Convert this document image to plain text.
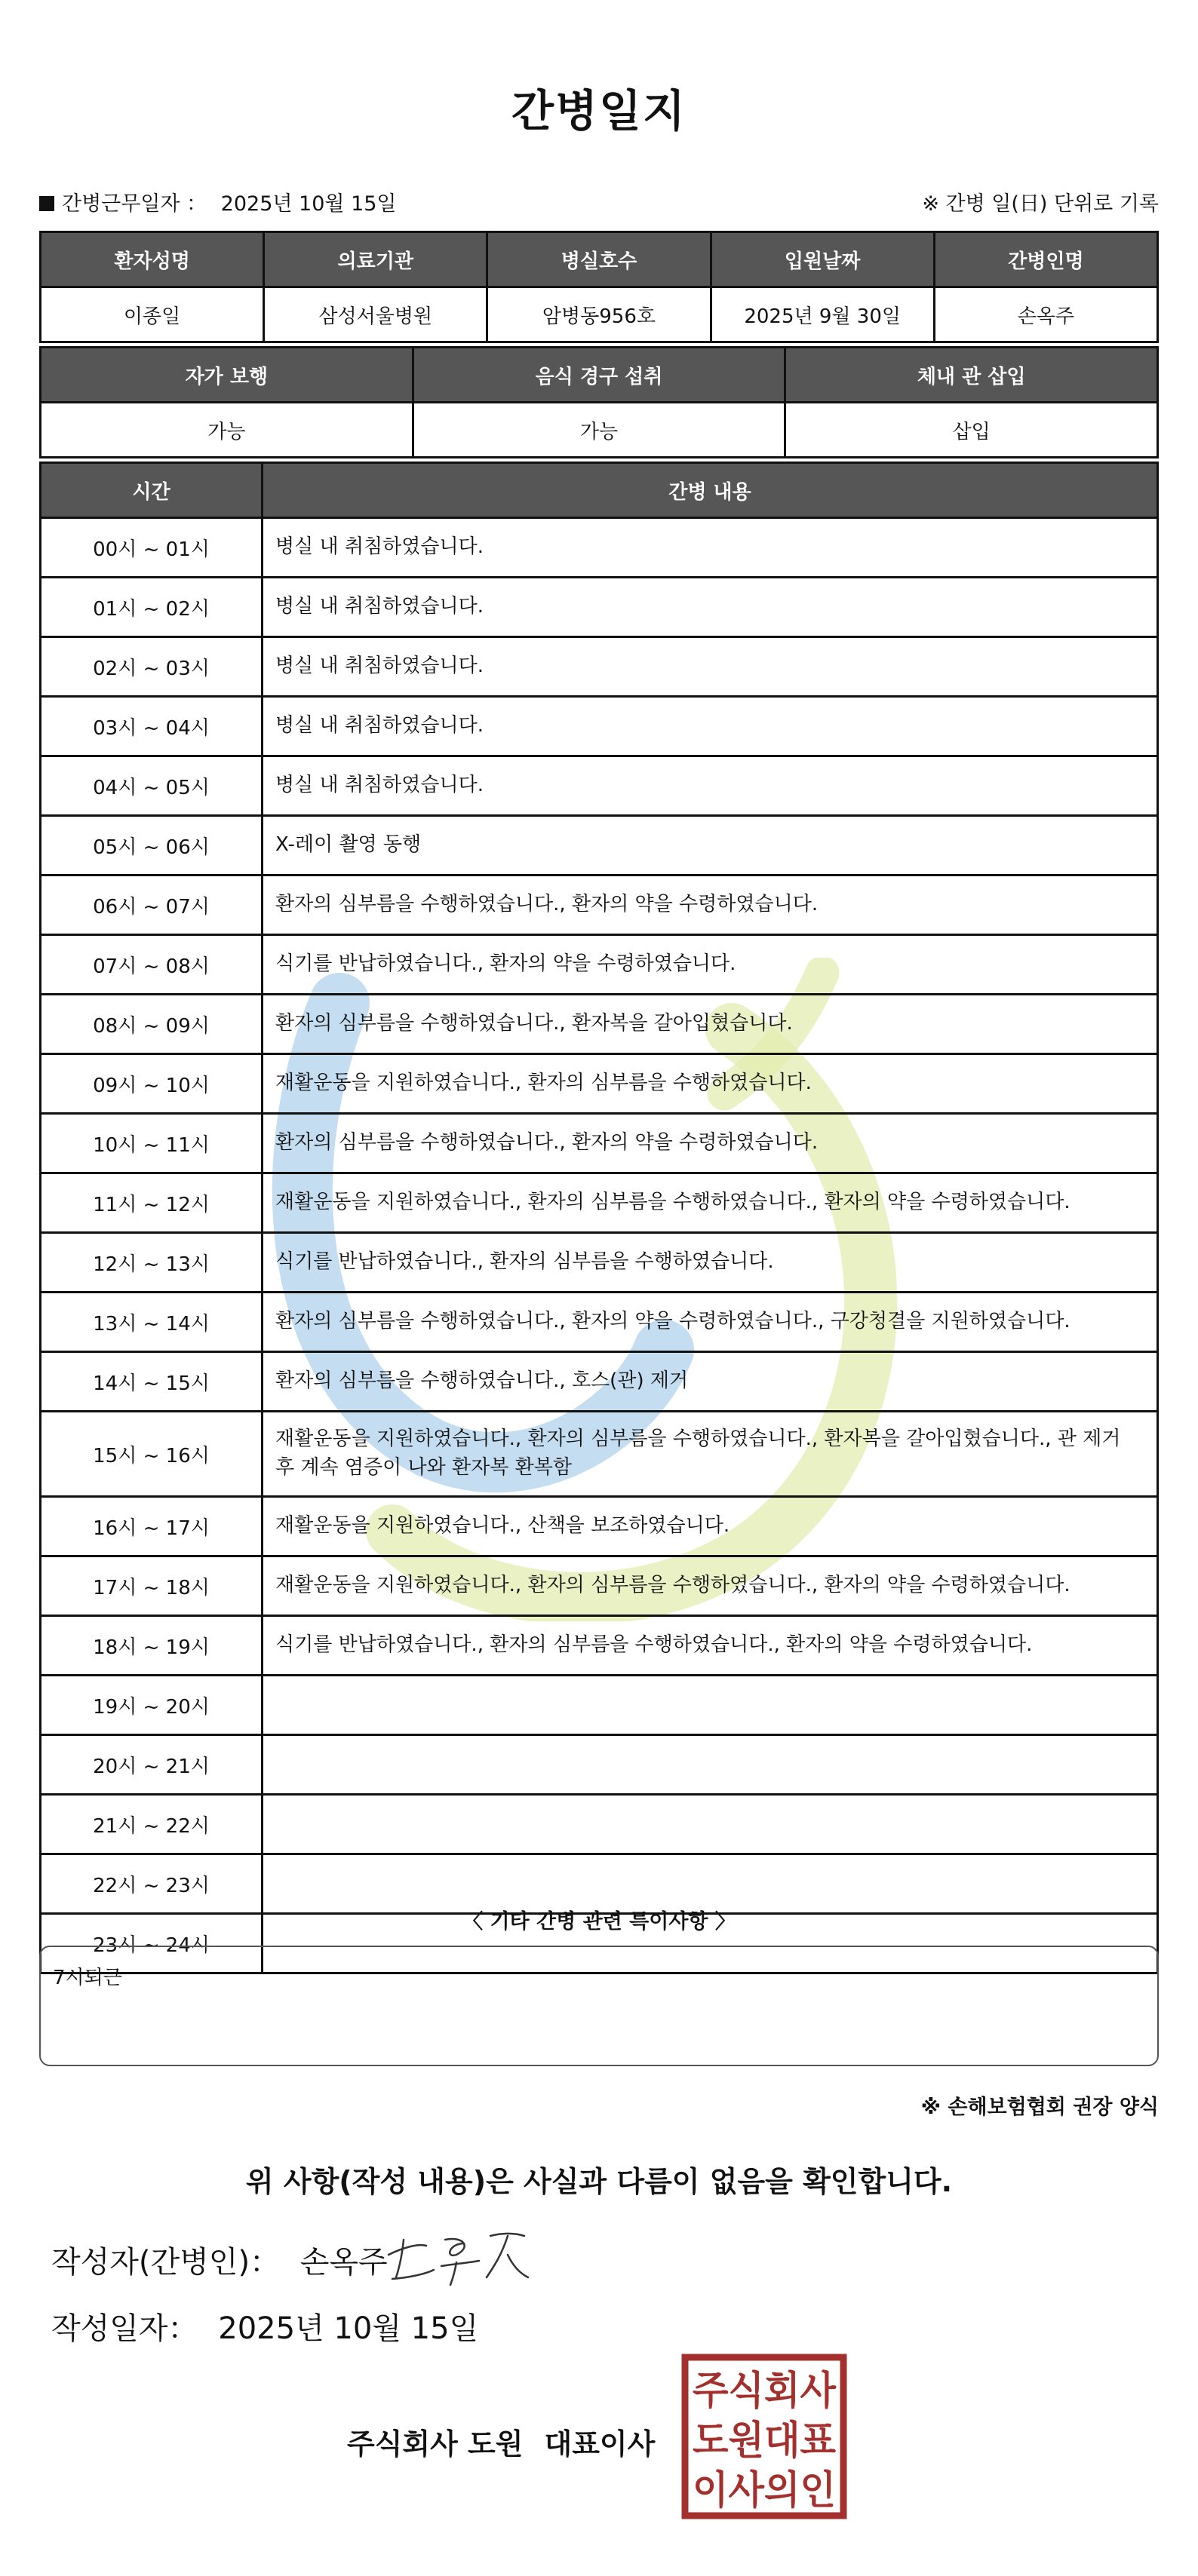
간병일지
간병근무일자 ： 2025년 10월 15일	※ 간병 일(日) 단위로 기록
환자성명	의료기관	병실호수	입원날짜	간병인명
이종일	삼성서울병원	암병동956호	2025년 9월 30일	손옥주
자가 보행	음식 경구 섭취	체내 관 삽입
가능	가능	삽입
시간	간병 내용
00시 ~ 01시	병실 내 취침하였습니다.
01시 ~ 02시	병실 내 취침하였습니다.
02시 ~ 03시	병실 내 취침하였습니다.
03시 ~ 04시	병실 내 취침하였습니다.
04시 ~ 05시	병실 내 취침하였습니다.
05시 ~ 06시	X-레이 촬영 동행
06시 ~ 07시	환자의 심부름을 수행하였습니다., 환자의 약을 수령하였습니다.
07시 ~ 08시	식기를 반납하였습니다., 환자의 약을 수령하였습니다.
08시 ~ 09시	환자의 심부름을 수행하였습니다., 환자복을 갈아입혔습니다.
09시 ~ 10시	재활운동을 지원하였습니다., 환자의 심부름을 수행하였습니다.
10시 ~ 11시	환자의 심부름을 수행하였습니다., 환자의 약을 수령하였습니다.
11시 ~ 12시	재활운동을 지원하였습니다., 환자의 심부름을 수행하였습니다., 환자의 약을 수령하였습니다.
12시 ~ 13시	식기를 반납하였습니다., 환자의 심부름을 수행하였습니다.
13시 ~ 14시	환자의 심부름을 수행하였습니다., 환자의 약을 수령하였습니다., 구강청결을 지원하였습니다.
14시 ~ 15시	환자의 심부름을 수행하였습니다., 호스(관) 제거
15시 ~ 16시	재활운동을 지원하였습니다., 환자의 심부름을 수행하였습니다., 환자복을 갈아입혔습니다., 관 제거 후 계속 염증이 나와 환자복 환복함
16시 ~ 17시	재활운동을 지원하였습니다., 산책을 보조하였습니다.
17시 ~ 18시	재활운동을 지원하였습니다., 환자의 심부름을 수행하였습니다., 환자의 약을 수령하였습니다.
18시 ~ 19시	식기를 반납하였습니다., 환자의 심부름을 수행하였습니다., 환자의 약을 수령하였습니다.
19시 ~ 20시	
20시 ~ 21시	
21시 ~ 22시	
22시 ~ 23시	
23시 ~ 24시	
〈 기타 간병 관련 특이사항 〉
7시퇴근
※ 손해보험협회 권장 양식
위 사항(작성 내용)은 사실과 다름이 없음을 확인합니다.
작성자(간병인)： 손옥주
작성일자： 2025년 10월 15일
주식회사 도원 대표이사
주식회사
도원대표
이사의인
